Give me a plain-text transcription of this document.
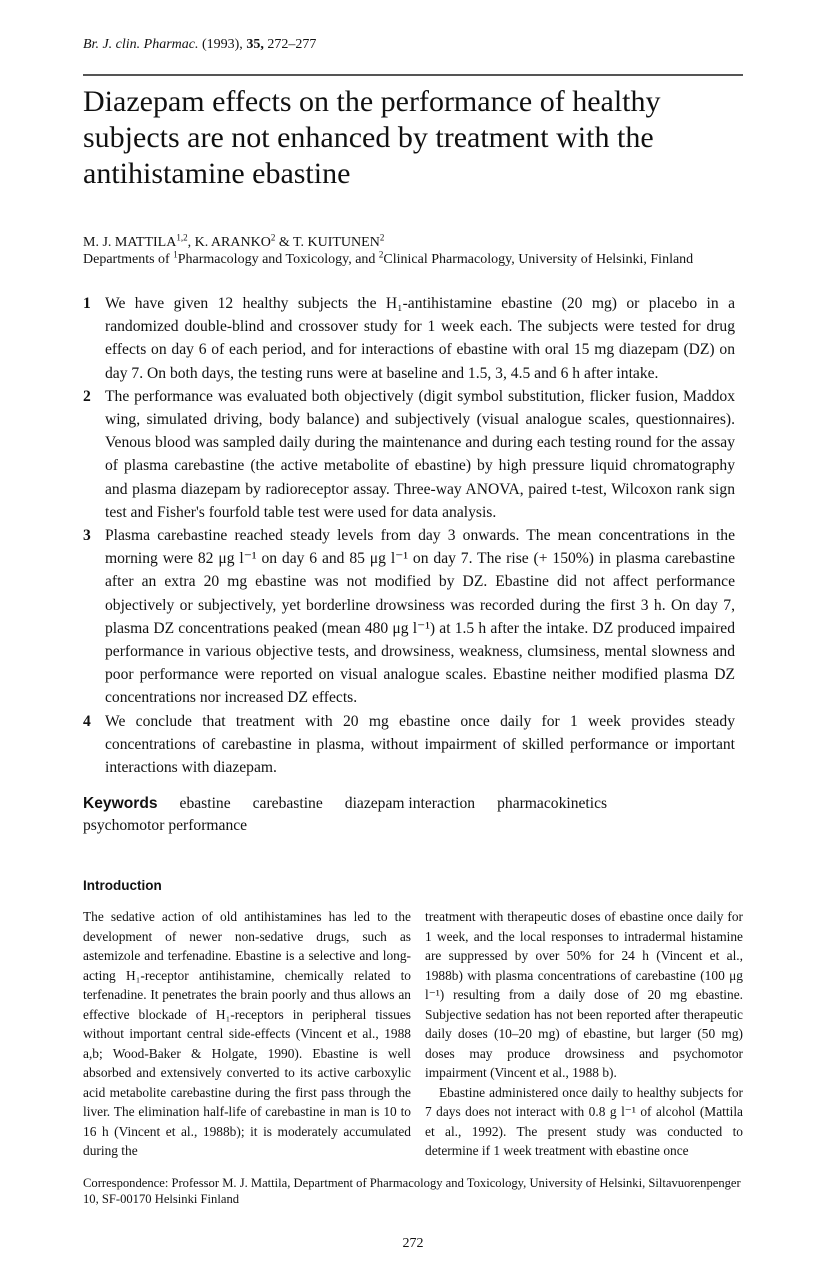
Br. J. clin. Pharmac. (1993), 35, 272–277
Diazepam effects on the performance of healthy subjects are not enhanced by treatment with the antihistamine ebastine
M. J. MATTILA$^{1,2}$, K. ARANKO$^2$ & T. KUITUNEN$^2$
Departments of $^1$Pharmacology and Toxicology, and $^2$Clinical Pharmacology, University of Helsinki, Finland
1 We have given 12 healthy subjects the H₁-antihistamine ebastine (20 mg) or placebo in a randomized double-blind and crossover study for 1 week each. The subjects were tested for drug effects on day 6 of each period, and for interactions of ebastine with oral 15 mg diazepam (DZ) on day 7. On both days, the testing runs were at baseline and 1.5, 3, 4.5 and 6 h after intake.
2 The performance was evaluated both objectively (digit symbol substitution, flicker fusion, Maddox wing, simulated driving, body balance) and subjectively (visual analogue scales, questionnaires). Venous blood was sampled daily during the maintenance and during each testing round for the assay of plasma carebastine (the active metabolite of ebastine) by high pressure liquid chromatography and plasma diazepam by radioreceptor assay. Three-way ANOVA, paired t-test, Wilcoxon rank sign test and Fisher's fourfold table test were used for data analysis.
3 Plasma carebastine reached steady levels from day 3 onwards. The mean concentrations in the morning were 82 μg l⁻¹ on day 6 and 85 μg l⁻¹ on day 7. The rise (+ 150%) in plasma carebastine after an extra 20 mg ebastine was not modified by DZ. Ebastine did not affect performance objectively or subjectively, yet borderline drowsiness was recorded during the first 3 h. On day 7, plasma DZ concentrations peaked (mean 480 μg l⁻¹) at 1.5 h after the intake. DZ produced impaired performance in various objective tests, and drowsiness, weakness, clumsiness, mental slowness and poor performance were reported on visual analogue scales. Ebastine neither modified plasma DZ concentrations nor increased DZ effects.
4 We conclude that treatment with 20 mg ebastine once daily for 1 week provides steady concentrations of carebastine in plasma, without impairment of skilled performance or important interactions with diazepam.
Keywords ebastine carebastine diazepam interaction pharmacokinetics
psychomotor performance
Introduction

The sedative action of old antihistamines has led to the development of newer non-sedative drugs, such as astemizole and terfenadine. Ebastine is a selective and long-acting H₁-receptor antihistamine, chemically related to terfenadine. It penetrates the brain poorly and thus allows an effective blockade of H₁-receptors in peripheral tissues without important central side-effects (Vincent et al., 1988 a,b; Wood-Baker & Holgate, 1990). Ebastine is well absorbed and extensively converted to its active carboxylic acid metabolite carebastine during the first pass through the liver. The elimination half-life of carebastine in man is 10 to 16 h (Vincent et al., 1988b); it is moderately accumulated during the

treatment with therapeutic doses of ebastine once daily for 1 week, and the local responses to intradermal histamine are suppressed by over 50% for 24 h (Vincent et al., 1988b) with plasma concentrations of carebastine (100 μg l⁻¹) resulting from a daily dose of 20 mg ebastine. Subjective sedation has not been reported after therapeutic daily doses (10–20 mg) of ebastine, but larger (50 mg) doses may produce drowsiness and psychomotor impairment (Vincent et al., 1988 b).

Ebastine administered once daily to healthy subjects for 7 days does not interact with 0.8 g l⁻¹ of alcohol (Mattila et al., 1992). The present study was conducted to determine if 1 week treatment with ebastine once

Correspondence: Professor M. J. Mattila, Department of Pharmacology and Toxicology, University of Helsinki, Siltavuorenpenger 10, SF-00170 Helsinki Finland
272
